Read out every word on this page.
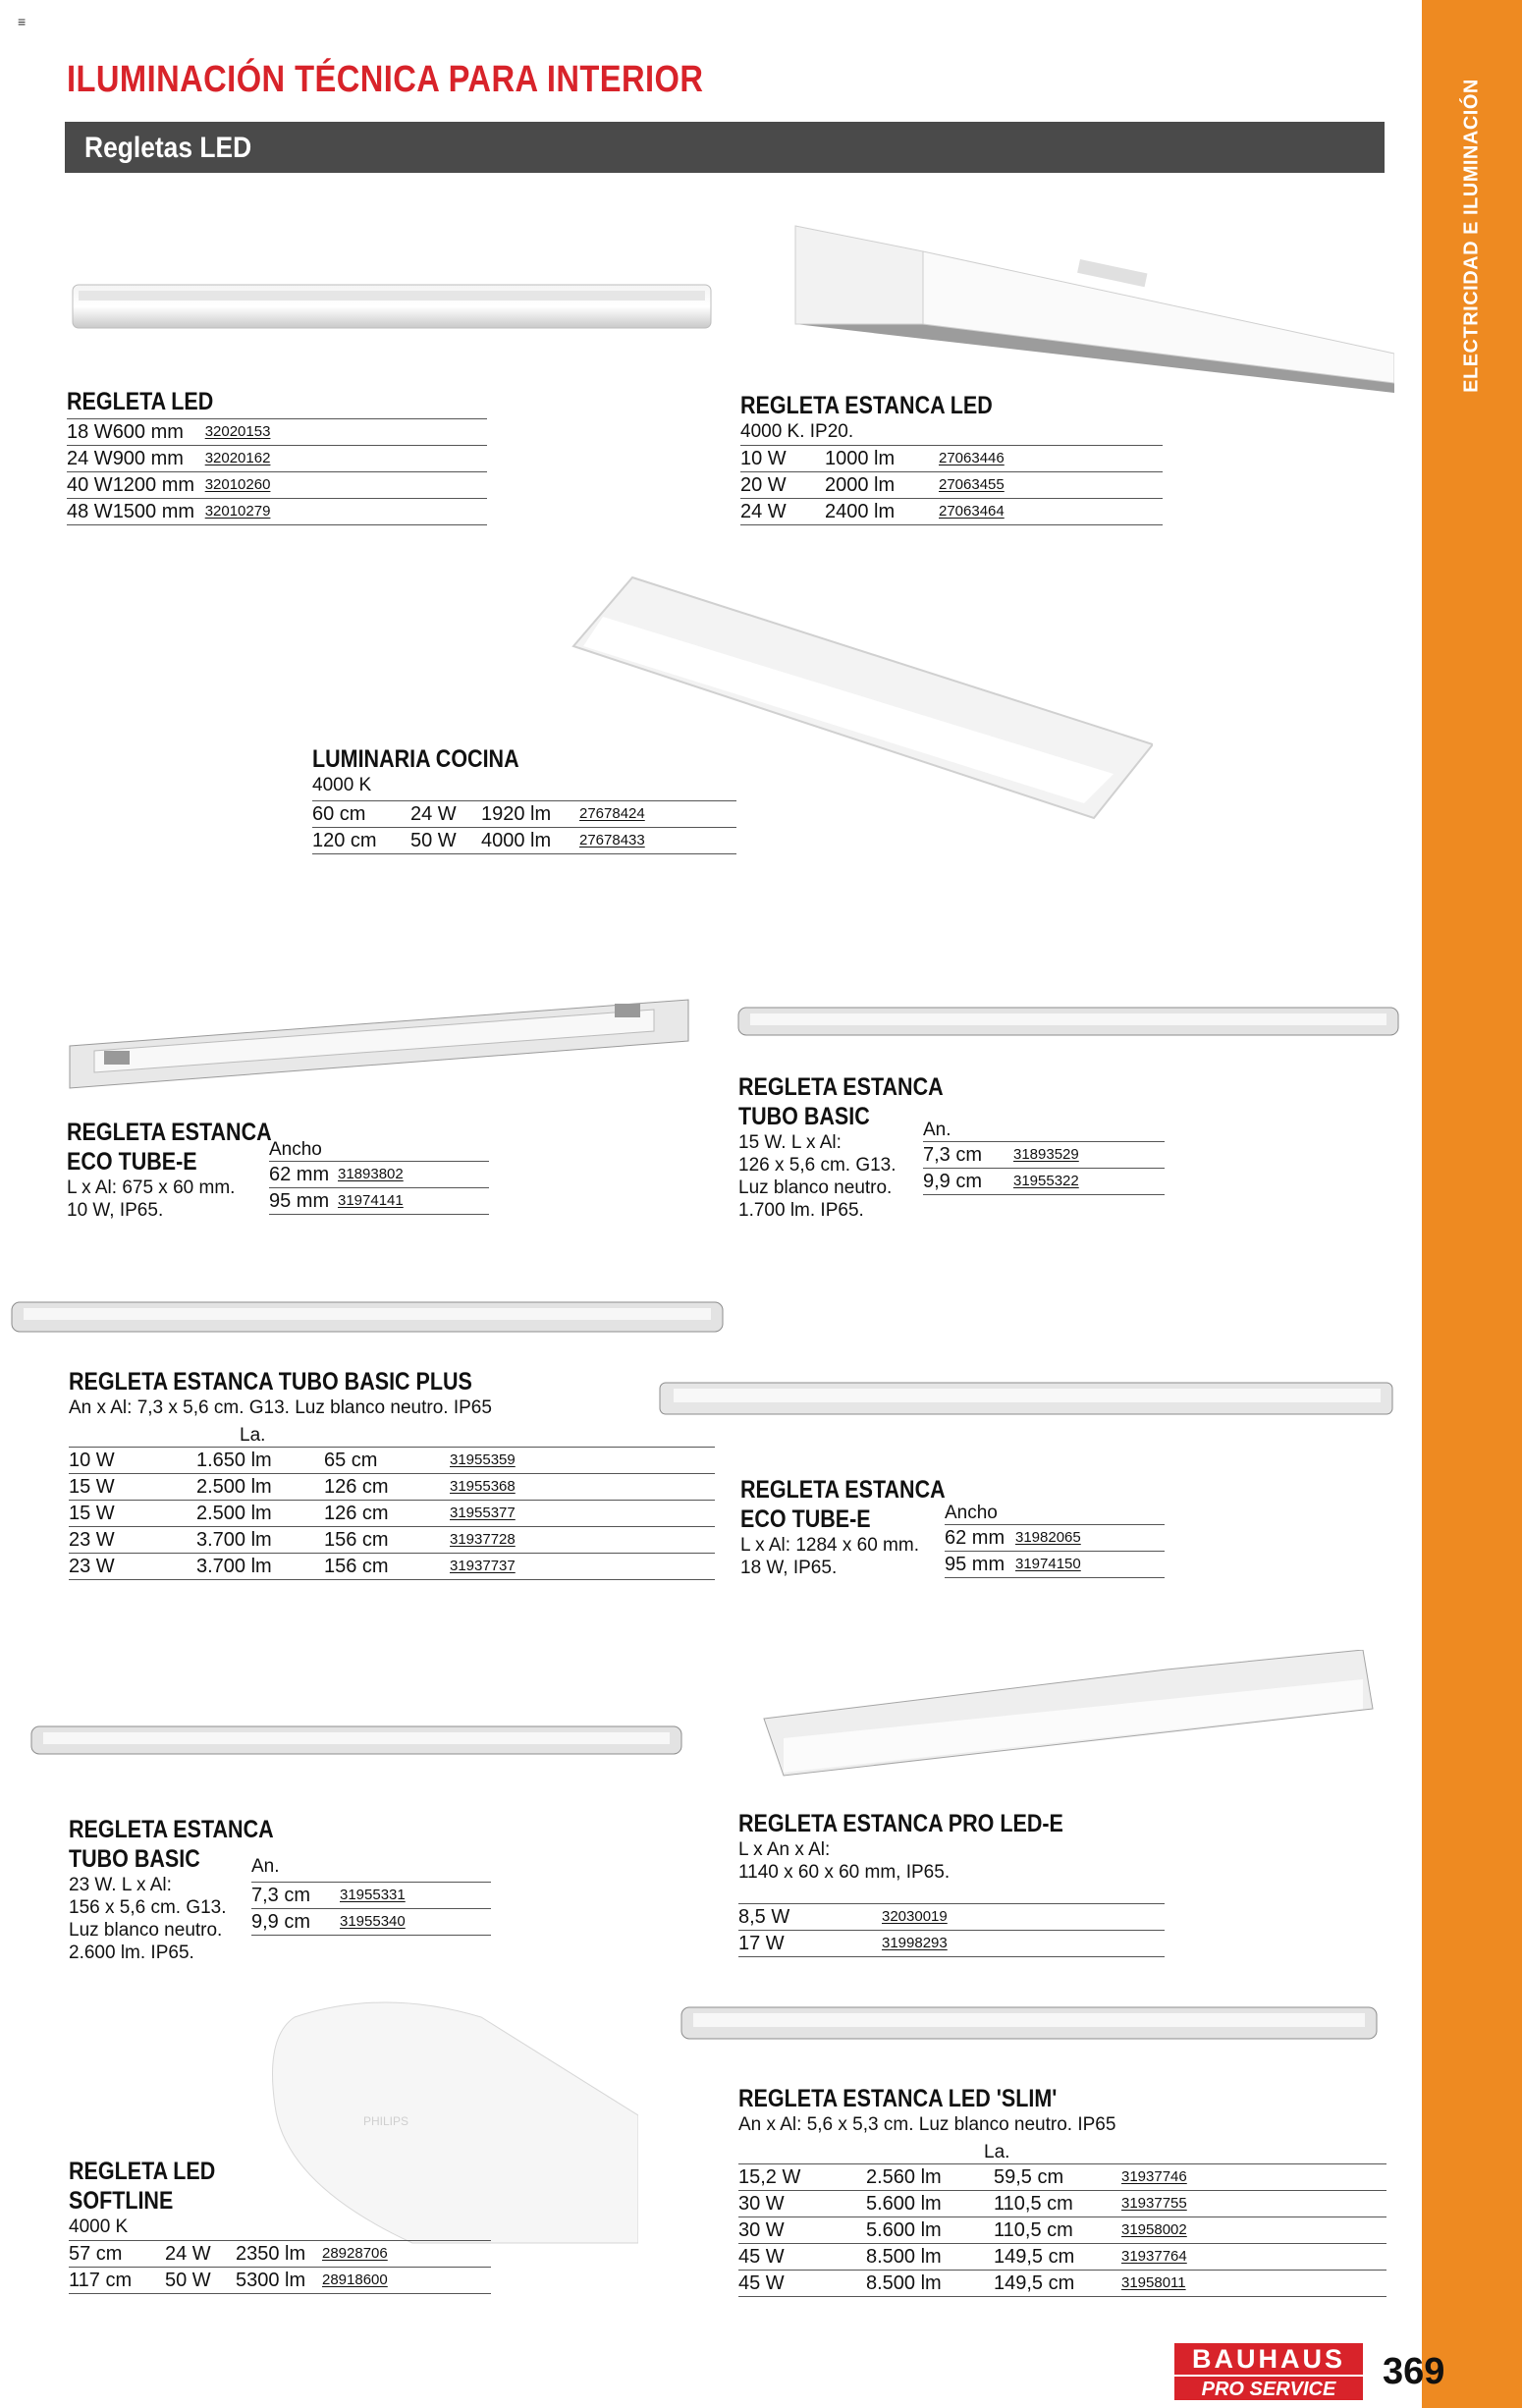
≡
ILUMINACIÓN TÉCNICA PARA INTERIOR
Regletas LED	ELECTRICIDAD E ILUMINACIÓN
PHILIPS
REGLETA LED
18 W	600 mm	32020153
24 W	900 mm	32020162
40 W	1200 mm	32010260
48 W	1500 mm	32010279
REGLETA ESTANCA LED
4000 K. IP20.
10 W	1000 lm	27063446
20 W	2000 lm	27063455
24 W	2400 lm	27063464
LUMINARIA COCINA
4000 K
60 cm	24 W	1920 lm	27678424
120 cm	50 W	4000 lm	27678433
REGLETA ESTANCA
ECO TUBE-E
L x Al: 675 x 60 mm.
10 W, IP65.
Ancho
62 mm	31893802
95 mm	31974141
REGLETA ESTANCA
TUBO BASIC
15 W. L x Al:
126 x 5,6 cm. G13.
Luz blanco neutro.
1.700 lm. IP65.
An.
7,3 cm	31893529
9,9 cm	31955322
REGLETA ESTANCA TUBO BASIC PLUS
An x Al: 7,3 x 5,6 cm. G13. Luz blanco neutro. IP65
La.
10 W	1.650 lm	65 cm	31955359
15 W	2.500 lm	126 cm	31955368
15 W	2.500 lm	126 cm	31955377
23 W	3.700 lm	156 cm	31937728
23 W	3.700 lm	156 cm	31937737
REGLETA ESTANCA
ECO TUBE-E
L x Al: 1284 x 60 mm.
18 W, IP65.
Ancho
62 mm	31982065
95 mm	31974150
REGLETA ESTANCA
TUBO BASIC
23 W. L x Al:
156 x 5,6 cm. G13.
Luz blanco neutro.
2.600 lm. IP65.
An.
7,3 cm	31955331
9,9 cm	31955340
REGLETA ESTANCA PRO LED-E
L x An x Al:
1140 x 60 x 60 mm, IP65.
8,5 W	32030019
17 W	31998293
REGLETA LED
SOFTLINE
4000 K
57 cm	24 W	2350 lm	28928706
117 cm	50 W	5300 lm	28918600
REGLETA ESTANCA LED 'SLIM'
An x Al: 5,6 x 5,3 cm. Luz blanco neutro. IP65
La.
15,2 W	2.560 lm	59,5 cm	31937746
30 W	5.600 lm	110,5 cm	31937755
30 W	5.600 lm	110,5 cm	31958002
45 W	8.500 lm	149,5 cm	31937764
45 W	8.500 lm	149,5 cm	31958011
BAUHAUS
PRO SERVICE	369
